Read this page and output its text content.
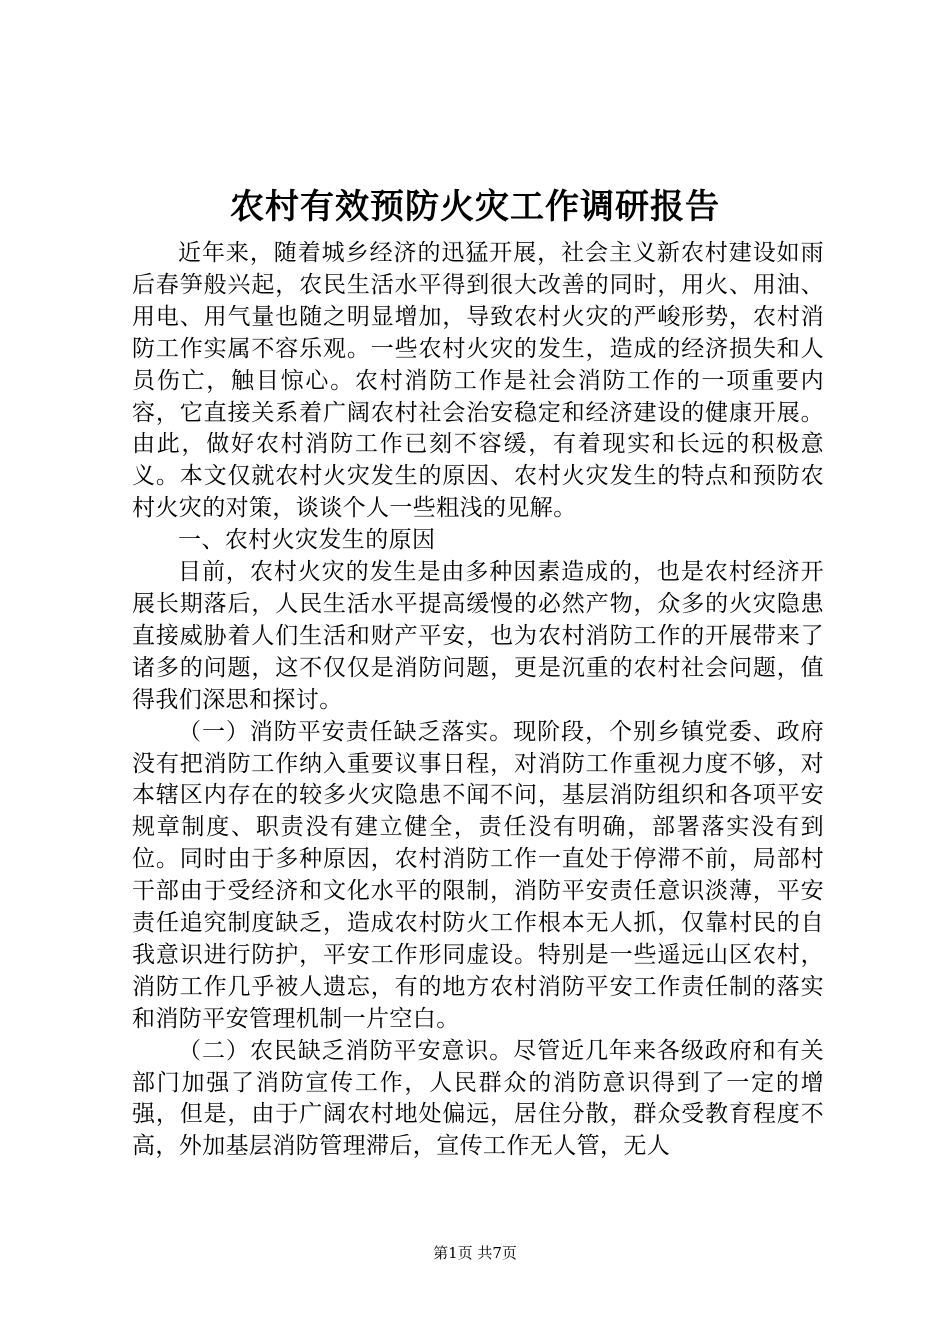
农村有效预防火灾工作调研报告

近年来，随着城乡经济的迅猛开展，社会主义新农村建设如雨后春笋般兴起，农民生活水平得到很大改善的同时，用火、用油、用电、用气量也随之明显增加，导致农村火灾的严峻形势，农村消防工作实属不容乐观。一些农村火灾的发生，造成的经济损失和人员伤亡，触目惊心。农村消防工作是社会消防工作的一项重要内容，它直接关系着广阔农村社会治安稳定和经济建设的健康开展。由此，做好农村消防工作已刻不容缓，有着现实和长远的积极意义。本文仅就农村火灾发生的原因、农村火灾发生的特点和预防农村火灾的对策，谈谈个人一些粗浅的见解。

一、农村火灾发生的原因

目前，农村火灾的发生是由多种因素造成的，也是农村经济开展长期落后，人民生活水平提高缓慢的必然产物，众多的火灾隐患直接威胁着人们生活和财产平安，也为农村消防工作的开展带来了诸多的问题，这不仅仅是消防问题，更是沉重的农村社会问题，值得我们深思和探讨。

（一）消防平安责任缺乏落实。现阶段，个别乡镇党委、政府没有把消防工作纳入重要议事日程，对消防工作重视力度不够，对本辖区内存在的较多火灾隐患不闻不问，基层消防组织和各项平安规章制度、职责没有建立健全，责任没有明确，部署落实没有到位。同时由于多种原因，农村消防工作一直处于停滞不前，局部村干部由于受经济和文化水平的限制，消防平安责任意识淡薄，平安责任追究制度缺乏，造成农村防火工作根本无人抓，仅靠村民的自我意识进行防护，平安工作形同虚设。特别是一些遥远山区农村，消防工作几乎被人遗忘，有的地方农村消防平安工作责任制的落实和消防平安管理机制一片空白。

（二）农民缺乏消防平安意识。尽管近几年来各级政府和有关部门加强了消防宣传工作，人民群众的消防意识得到了一定的增强，但是，由于广阔农村地处偏远，居住分散，群众受教育程度不高，外加基层消防管理滞后，宣传工作无人管，无人

第1页 共7页
